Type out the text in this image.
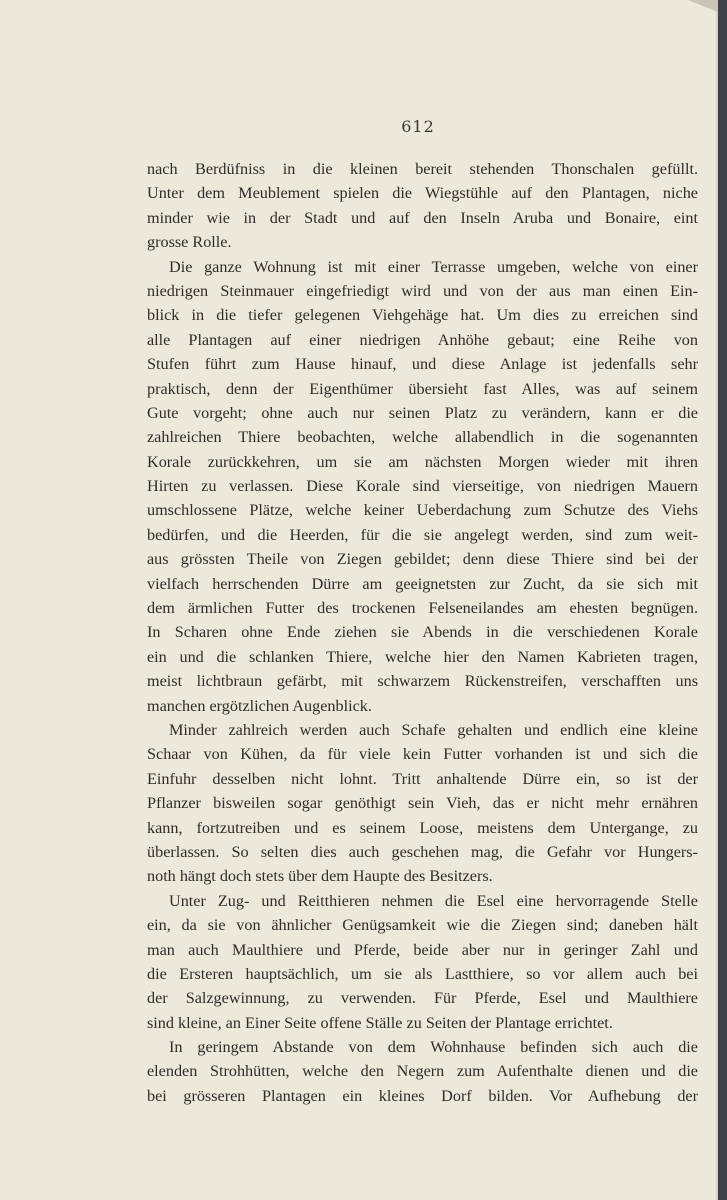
612
nach Berdüfniss in die kleinen bereit stehenden Thonschalen gefüllt.
Unter dem Meublement spielen die Wiegstühle auf den Plantagen, niche
minder wie in der Stadt und auf den Inseln Aruba und Bonaire, eint
grosse Rolle.
Die ganze Wohnung ist mit einer Terrasse umgeben, welche von einer
niedrigen Steinmauer eingefriedigt wird und von der aus man einen Ein-
blick in die tiefer gelegenen Viehgehäge hat. Um dies zu erreichen sind
alle Plantagen auf einer niedrigen Anhöhe gebaut; eine Reihe von
Stufen führt zum Hause hinauf, und diese Anlage ist jedenfalls sehr
praktisch, denn der Eigenthümer übersieht fast Alles, was auf seinem
Gute vorgeht; ohne auch nur seinen Platz zu verändern, kann er die
zahlreichen Thiere beobachten, welche allabendlich in die sogenannten
Korale zurückkehren, um sie am nächsten Morgen wieder mit ihren
Hirten zu verlassen. Diese Korale sind vierseitige, von niedrigen Mauern
umschlossene Plätze, welche keiner Ueberdachung zum Schutze des Viehs
bedürfen, und die Heerden, für die sie angelegt werden, sind zum weit-
aus grössten Theile von Ziegen gebildet; denn diese Thiere sind bei der
vielfach herrschenden Dürre am geeignetsten zur Zucht, da sie sich mit
dem ärmlichen Futter des trockenen Felseneilandes am ehesten begnügen.
In Scharen ohne Ende ziehen sie Abends in die verschiedenen Korale
ein und die schlanken Thiere, welche hier den Namen Kabrieten tragen,
meist lichtbraun gefärbt, mit schwarzem Rückenstreifen, verschafften uns
manchen ergötzlichen Augenblick.
Minder zahlreich werden auch Schafe gehalten und endlich eine kleine
Schaar von Kühen, da für viele kein Futter vorhanden ist und sich die
Einfuhr desselben nicht lohnt. Tritt anhaltende Dürre ein, so ist der
Pflanzer bisweilen sogar genöthigt sein Vieh, das er nicht mehr ernähren
kann, fortzutreiben und es seinem Loose, meistens dem Untergange, zu
überlassen. So selten dies auch geschehen mag, die Gefahr vor Hungers-
noth hängt doch stets über dem Haupte des Besitzers.
Unter Zug- und Reitthieren nehmen die Esel eine hervorragende Stelle
ein, da sie von ähnlicher Genügsamkeit wie die Ziegen sind; daneben hält
man auch Maulthiere und Pferde, beide aber nur in geringer Zahl und
die Ersteren hauptsächlich, um sie als Lastthiere, so vor allem auch bei
der Salzgewinnung, zu verwenden. Für Pferde, Esel und Maulthiere
sind kleine, an Einer Seite offene Ställe zu Seiten der Plantage errichtet.
In geringem Abstande von dem Wohnhause befinden sich auch die
elenden Strohhütten, welche den Negern zum Aufenthalte dienen und die
bei grösseren Plantagen ein kleines Dorf bilden. Vor Aufhebung der
